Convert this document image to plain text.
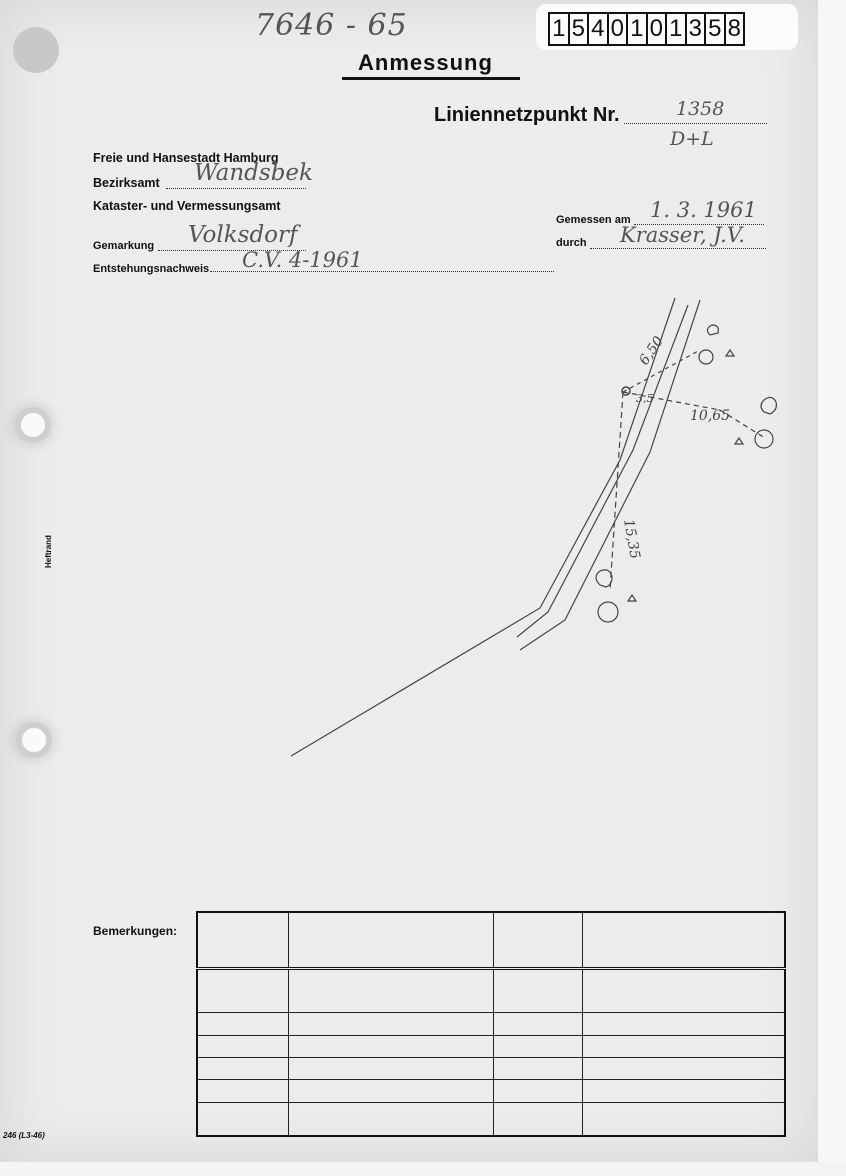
7646 - 65	1 5 4 0 1 0 1 3 5 8
Anmessung
Liniennetzpunkt Nr.	1358
D+L
Freie und Hansestadt Hamburg
Bezirksamt Wandsbek
Kataster- und Vermessungsamt
Gemessen am 1. 3. 1961
durch Krasser, J.V.
Gemarkung Volksdorf
Entstehungsnachweis C.V. 4-1961
6,50
3,5
10,65
15,35
Bemerkungen:

Heftrand
246 (L3-46)
